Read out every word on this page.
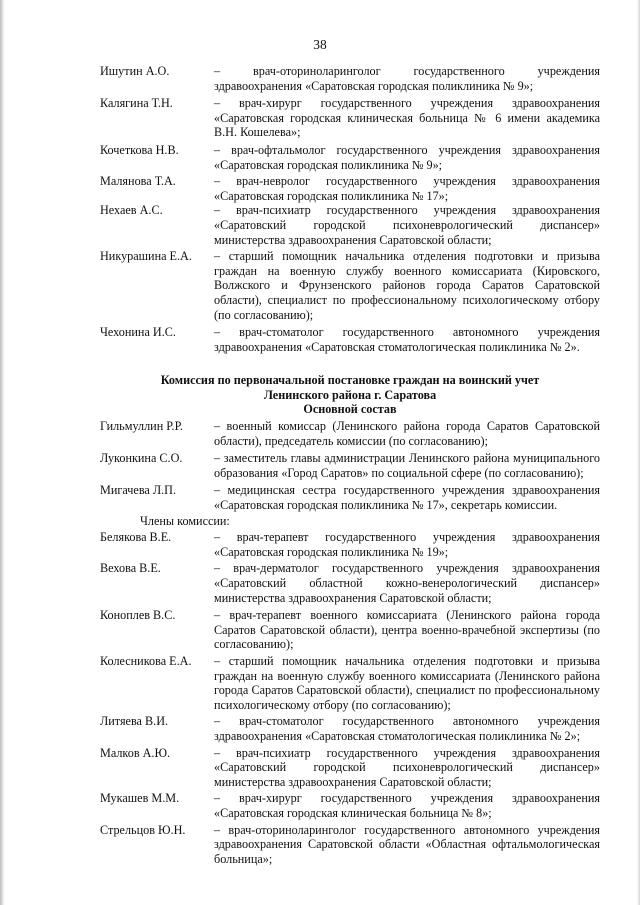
38
Ишутин А.О.	– врач-оториноларинголог государственного учреждения здравоохранения «Саратовская городская поликлиника № 9»;
Калягина Т.Н.	– врач-хирург государственного учреждения здравоохранения «Саратовская городская клиническая больница № 6 имени академика В.Н. Кошелева»;
Кочеткова Н.В.	– врач-офтальмолог государственного учреждения здравоохранения «Саратовская городская поликлиника № 9»;
Малянова Т.А.	– врач-невролог государственного учреждения здравоохранения «Саратовская городская поликлиника № 17»;
Нехаев А.С.	– врач-психиатр государственного учреждения здравоохранения «Саратовский городской психоневрологический диспансер» министерства здравоохранения Саратовской области;
Никурашина Е.А.	– старший помощник начальника отделения подготовки и призыва граждан на военную службу военного комиссариата (Кировского, Волжского и Фрунзенского районов города Саратов Саратовской области), специалист по профессиональному психологическому отбору (по согласованию);
Чехонина И.С.	– врач-стоматолог государственного автономного учреждения здравоохранения «Саратовская стоматологическая поликлиника № 2».
Комиссия по первоначальной постановке граждан на воинский учет
Ленинского района г. Саратова
Основной состав
Гильмуллин Р.Р.	– военный комиссар (Ленинского района города Саратов Саратовской области), председатель комиссии (по согласованию);
Луконкина С.О.	– заместитель главы администрации Ленинского района муниципального образования «Город Саратов» по социальной сфере (по согласованию);
Мигачева Л.П.	– медицинская сестра государственного учреждения здравоохранения «Саратовская городская поликлиника № 17», секретарь комиссии.
Члены комиссии:
Белякова В.Е.	– врач-терапевт государственного учреждения здравоохранения «Саратовская городская поликлиника № 19»;
Вехова В.Е.	– врач-дерматолог государственного учреждения здравоохранения «Саратовский областной кожно-венерологический диспансер» министерства здравоохранения Саратовской области;
Коноплев В.С.	– врач-терапевт военного комиссариата (Ленинского района города Саратов Саратовской области), центра военно-врачебной экспертизы (по согласованию);
Колесникова Е.А.	– старший помощник начальника отделения подготовки и призыва граждан на военную службу военного комиссариата (Ленинского района города Саратов Саратовской области), специалист по профессиональному психологическому отбору (по согласованию);
Литяева В.И.	– врач-стоматолог государственного автономного учреждения здравоохранения «Саратовская стоматологическая поликлиника № 2»;
Малков А.Ю.	– врач-психиатр государственного учреждения здравоохранения «Саратовский городской психоневрологический диспансер» министерства здравоохранения Саратовской области;
Мукашев М.М.	– врач-хирург государственного учреждения здравоохранения «Саратовская городская клиническая больница № 8»;
Стрельцов Ю.Н.	– врач-оториноларинголог государственного автономного учреждения здравоохранения Саратовской области «Областная офтальмологическая больница»;
